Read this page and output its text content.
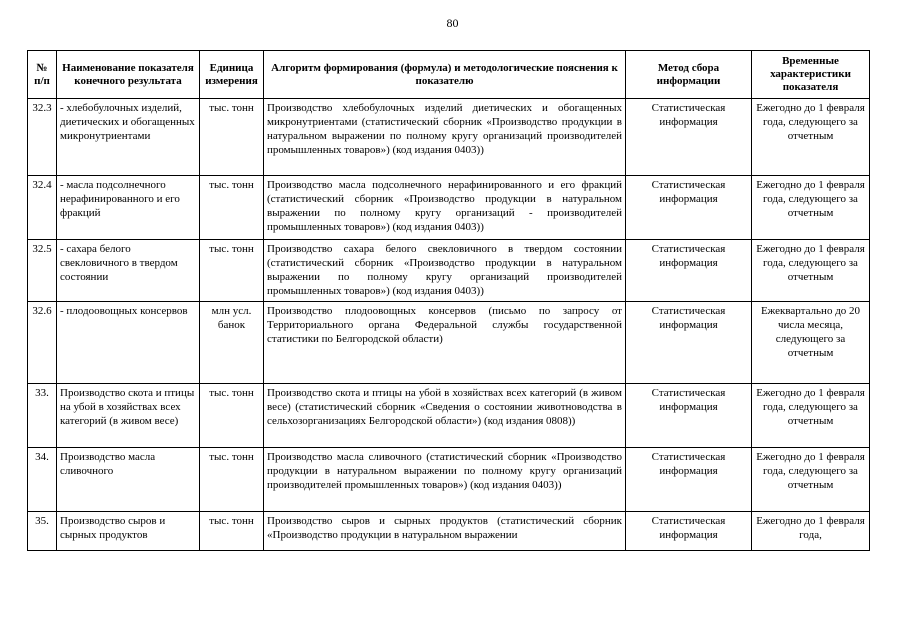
80
№ п/п	Наименование показателя конечного результата	Единица измерения	Алгоритм формирования (формула) и методологические пояснения к показателю	Метод сбора информации	Временные характеристики показателя
32.3	- хлебобулочных изделий, диетических и обогащенных микронутриентами	тыс. тонн	Производство хлебобулочных изделий диетических и обогащенных микронутриентами (статистический сборник «Производство продукции в натуральном выражении по полному кругу организаций производителей промышленных товаров») (код издания 0403))	Статистическая информация	Ежегодно до 1 февраля года, следующего за отчетным
32.4	- масла подсолнечного нерафинированного и его фракций	тыс. тонн	Производство масла подсолнечного нерафинированного и его фракций (статистический сборник «Производство продукции в натуральном выражении по полному кругу организаций - производителей промышленных товаров») (код издания 0403))	Статистическая информация	Ежегодно до 1 февраля года, следующего за отчетным
32.5	- сахара белого свекловичного в твердом состоянии	тыс. тонн	Производство сахара белого свекловичного в твердом состоянии (статистический сборник «Производство продукции в натуральном выражении по полному кругу организаций производителей промышленных товаров») (код издания 0403))	Статистическая информация	Ежегодно до 1 февраля года, следующего за отчетным
32.6	- плодоовощных консервов	млн усл. банок	Производство плодоовощных консервов (письмо по запросу от Территориального органа Федеральной службы государственной статистики по Белгородской области)	Статистическая информация	Ежеквартально до 20 числа месяца, следующего за отчетным
33.	Производство скота и птицы на убой в хозяйствах всех категорий (в живом весе)	тыс. тонн	Производство скота и птицы на убой в хозяйствах всех категорий (в живом весе) (статистический сборник «Сведения о состоянии животноводства в сельхозорганизациях Белгородской области») (код издания 0808))	Статистическая информация	Ежегодно до 1 февраля года, следующего за отчетным
34.	Производство масла сливочного	тыс. тонн	Производство масла сливочного (статистический сборник «Производство продукции в натуральном выражении по полному кругу организаций производителей промышленных товаров») (код издания 0403))	Статистическая информация	Ежегодно до 1 февраля года, следующего за отчетным
35.	Производство сыров и сырных продуктов	тыс. тонн	Производство сыров и сырных продуктов (статистический сборник «Производство продукции в натуральном выражении	Статистическая информация	Ежегодно до 1 февраля года,
